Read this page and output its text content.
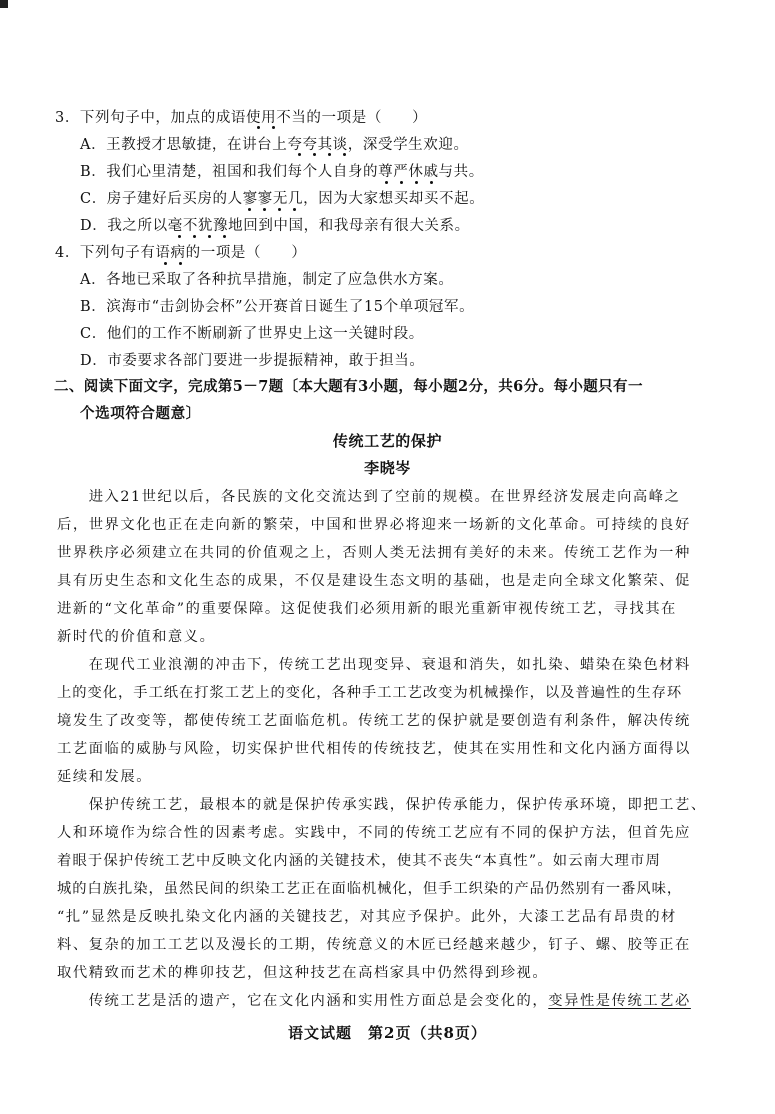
3．下列句子中，加点的成语使用不当的一项是（　　）
A．王教授才思敏捷，在讲台上夸夸其谈，深受学生欢迎。
B．我们心里清楚，祖国和我们每个人自身的尊严休戚与共。
C．房子建好后买房的人寥寥无几，因为大家想买却买不起。
D．我之所以毫不犹豫地回到中国，和我母亲有很大关系。
4．下列句子有语病的一项是（　　）
A．各地已采取了各种抗旱措施，制定了应急供水方案。
B．滨海市“击剑协会杯”公开赛首日诞生了15个单项冠军。
C．他们的工作不断刷新了世界史上这一关键时段。
D．市委要求各部门要进一步提振精神，敢于担当。
二、阅读下面文字，完成第5－7题〔本大题有3小题，每小题2分，共6分。每小题只有一
个选项符合题意〕
传统工艺的保护
李晓岑
　　进入21世纪以后，各民族的文化交流达到了空前的规模。在世界经济发展走向高峰之
后，世界文化也正在走向新的繁荣，中国和世界必将迎来一场新的文化革命。可持续的良好
世界秩序必须建立在共同的价值观之上，否则人类无法拥有美好的未来。传统工艺作为一种
具有历史生态和文化生态的成果，不仅是建设生态文明的基础，也是走向全球文化繁荣、促
进新的“文化革命”的重要保障。这促使我们必须用新的眼光重新审视传统工艺，寻找其在
新时代的价值和意义。
　　在现代工业浪潮的冲击下，传统工艺出现变异、衰退和消失，如扎染、蜡染在染色材料
上的变化，手工纸在打浆工艺上的变化，各种手工工艺改变为机械操作，以及普遍性的生存环
境发生了改变等，都使传统工艺面临危机。传统工艺的保护就是要创造有利条件，解决传统
工艺面临的威胁与风险，切实保护世代相传的传统技艺，使其在实用性和文化内涵方面得以
延续和发展。
　　保护传统工艺，最根本的就是保护传承实践，保护传承能力，保护传承环境，即把工艺、
人和环境作为综合性的因素考虑。实践中，不同的传统工艺应有不同的保护方法，但首先应
着眼于保护传统工艺中反映文化内涵的关键技术，使其不丧失“本真性”。如云南大理市周
城的白族扎染，虽然民间的织染工艺正在面临机械化，但手工织染的产品仍然别有一番风味，
“扎”显然是反映扎染文化内涵的关键技艺，对其应予保护。此外，大漆工艺品有昂贵的材
料、复杂的加工工艺以及漫长的工期，传统意义的木匠已经越来越少，钉子、螺、胶等正在
取代精致而艺术的榫卯技艺，但这种技艺在高档家具中仍然得到珍视。
　　传统工艺是活的遗产，它在文化内涵和实用性方面总是会变化的，变异性是传统工艺必
语文试题　第2页（共8页）
